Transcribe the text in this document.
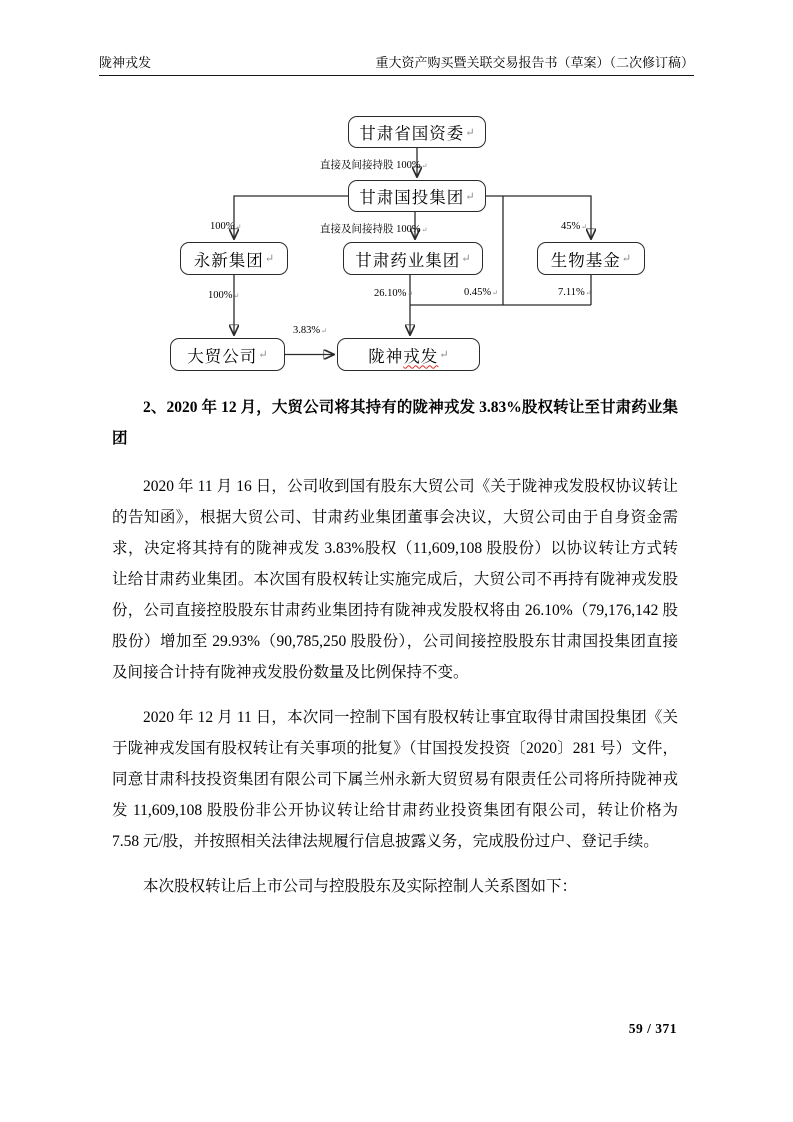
陇神戎发	重大资产购买暨关联交易报告书（草案）（二次修订稿）
甘肃省国资委 ↵
甘肃国投集团 ↵
永新集团 ↵	甘肃药业集团 ↵	生物基金 ↵
大贸公司 ↵	陇神 戎发 ↵
直接及间接持股 100%↵
100%↵	直接及间接持股 100%↵	45%↵
100%↵	26.10%↵	0.45%↵	7.11%↵
3.83%↵

2、2020 年 12 月，大贸公司将其持有的陇神戎发 3.83%股权转让至甘肃药业集团

2020 年 11 月 16 日，公司收到国有股东大贸公司《关于陇神戎发股权协议转让的告知函》，根据大贸公司、甘肃药业集团董事会决议，大贸公司由于自身资金需求，决定将其持有的陇神戎发 3.83%股权（11,609,108 股股份）以协议转让方式转让给甘肃药业集团。本次国有股权转让实施完成后，大贸公司不再持有陇神戎发股份，公司直接控股股东甘肃药业集团持有陇神戎发股权将由 26.10%（79,176,142 股股份）增加至 29.93%（90,785,250 股股份），公司间接控股股东甘肃国投集团直接及间接合计持有陇神戎发股份数量及比例保持不变。

2020 年 12 月 11 日，本次同一控制下国有股权转让事宜取得甘肃国投集团《关于陇神戎发国有股权转让有关事项的批复》（甘国投发投资〔2020〕281 号）文件，同意甘肃科技投资集团有限公司下属兰州永新大贸贸易有限责任公司将所持陇神戎发 11,609,108 股股份非公开协议转让给甘肃药业投资集团有限公司，转让价格为 7.58 元/股，并按照相关法律法规履行信息披露义务，完成股份过户、登记手续。

本次股权转让后上市公司与控股股东及实际控制人关系图如下：

59 / 371
